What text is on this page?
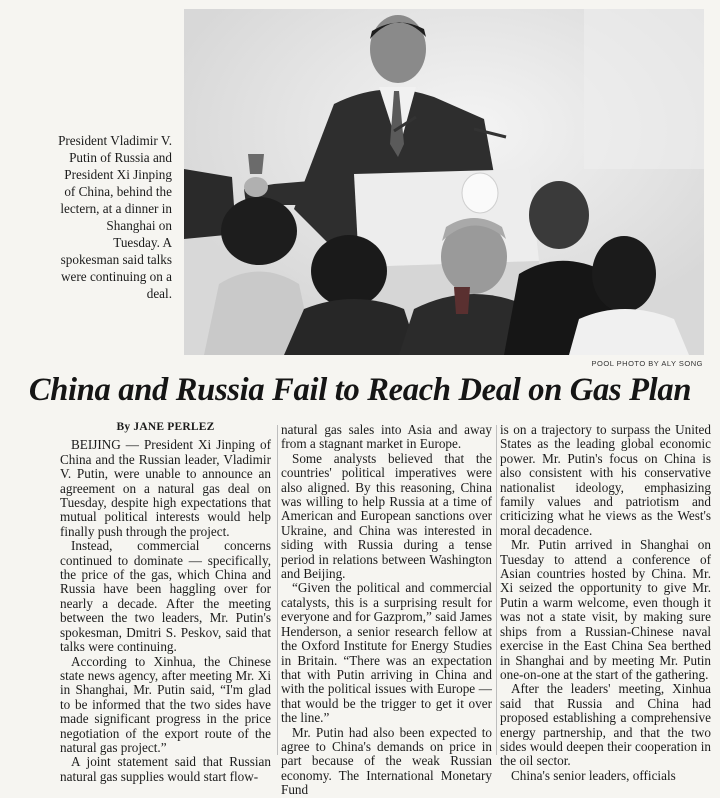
President Vladimir V. Putin of Russia and President Xi Jinping of China, behind the lectern, at a dinner in Shanghai on Tuesday. A spokesman said talks were continuing on a deal.
POOL PHOTO BY ALY SONG
China and Russia Fail to Reach Deal on Gas Plan
By JANE PERLEZ

BEIJING — President Xi Jinping of China and the Russian leader, Vladimir V. Putin, were unable to announce an agreement on a natural gas deal on Tuesday, despite high expectations that mutual political interests would help finally push through the project.

Instead, commercial concerns continued to dominate — specifically, the price of the gas, which China and Russia have been haggling over for nearly a decade. After the meeting between the two leaders, Mr. Putin's spokesman, Dmitri S. Peskov, said that talks were continuing.

According to Xinhua, the Chinese state news agency, after meeting Mr. Xi in Shanghai, Mr. Putin said, “I'm glad to be informed that the two sides have made significant progress in the price negotiation of the export route of the natural gas project.”

A joint statement said that Russian natural gas supplies would start flow-

natural gas sales into Asia and away from a stagnant market in Europe.

Some analysts believed that the countries' political imperatives were also aligned. By this reasoning, China was willing to help Russia at a time of American and European sanctions over Ukraine, and China was interested in siding with Russia during a tense period in relations between Washington and Beijing.

“Given the political and commercial catalysts, this is a surprising result for everyone and for Gazprom,” said James Henderson, a senior research fellow at the Oxford Institute for Energy Studies in Britain. “There was an expectation that with Putin arriving in China and with the political issues with Europe — that would be the trigger to get it over the line.”

Mr. Putin had also been expected to agree to China's demands on price in part because of the weak Russian economy. The International Monetary Fund

is on a trajectory to surpass the United States as the leading global economic power. Mr. Putin's focus on China is also consistent with his conservative nationalist ideology, emphasizing family values and patriotism and criticizing what he views as the West's moral decadence.

Mr. Putin arrived in Shanghai on Tuesday to attend a conference of Asian countries hosted by China. Mr. Xi seized the opportunity to give Mr. Putin a warm welcome, even though it was not a state visit, by making sure ships from a Russian-Chinese naval exercise in the East China Sea berthed in Shanghai and by meeting Mr. Putin one-on-one at the start of the gathering.

After the leaders' meeting, Xinhua said that Russia and China had proposed establishing a comprehensive energy partnership, and that the two sides would deepen their cooperation in the oil sector.

China's senior leaders, officials
